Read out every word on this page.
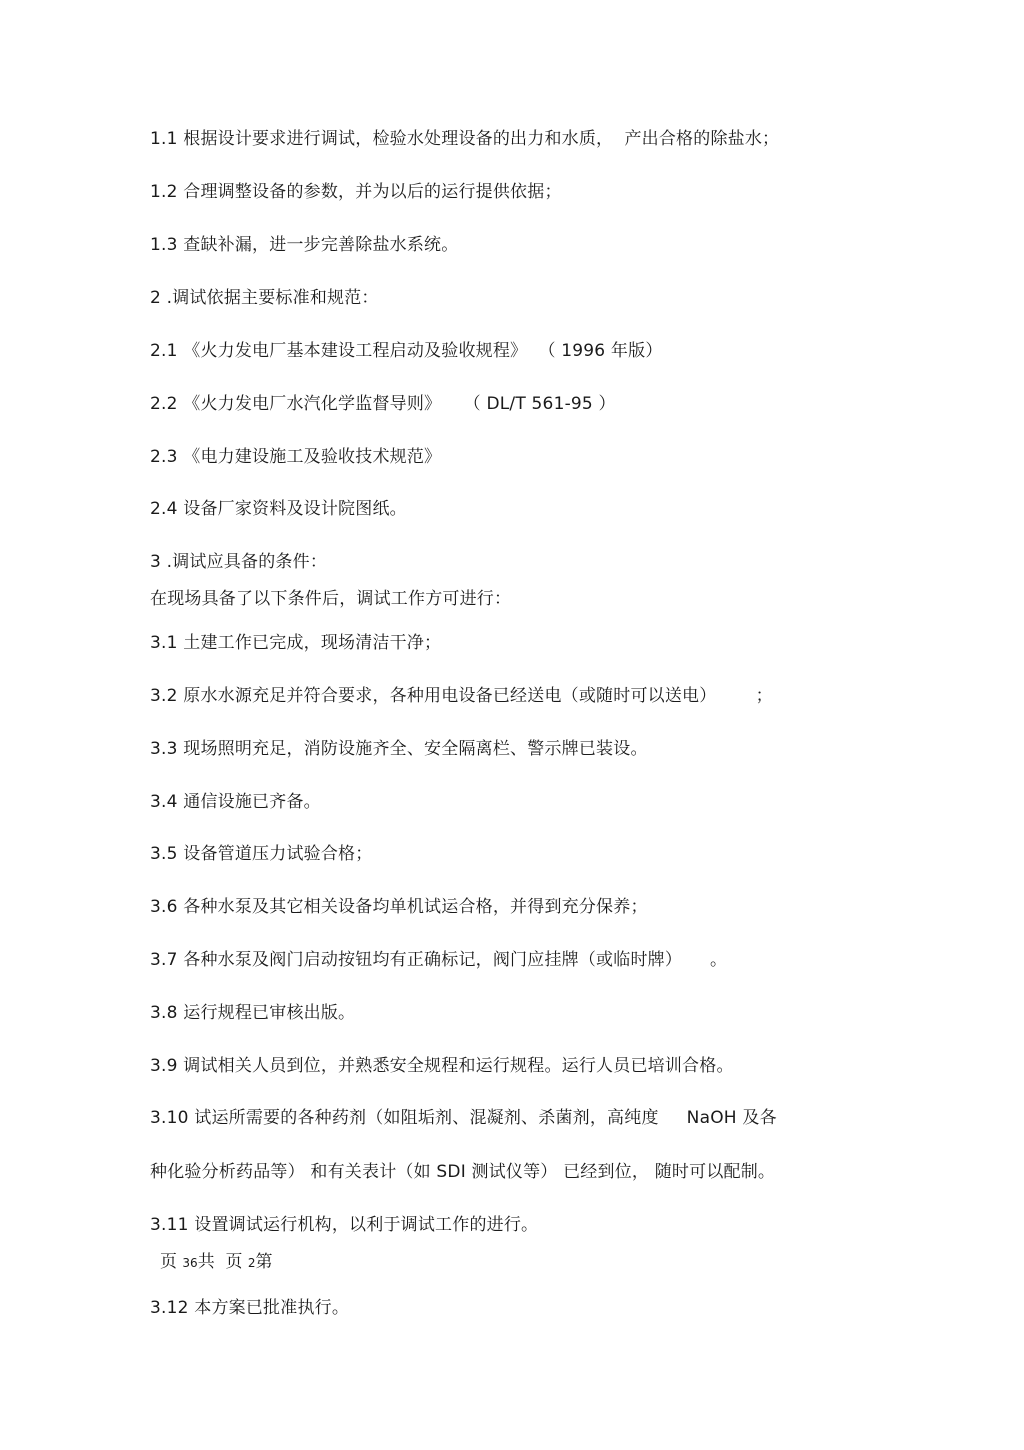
1.1 根据设计要求进行调试，检验水处理设备的出力和水质，  产出合格的除盐水；
1.2 合理调整设备的参数，并为以后的运行提供依据；
1.3 查缺补漏，进一步完善除盐水系统。
2 .调试依据主要标准和规范：
2.1 《火力发电厂基本建设工程启动及验收规程》  （ 1996 年版）
2.2 《火力发电厂水汽化学监督导则》    （ DL/T 561-95 ）
2.3 《电力建设施工及验收技术规范》
2.4 设备厂家资料及设计院图纸。
3 .调试应具备的条件：
在现场具备了以下条件后，调试工作方可进行：
3.1 土建工作已完成，现场清洁干净；
3.2 原水水源充足并符合要求，各种用电设备已经送电（或随时可以送电）       ；
3.3 现场照明充足，消防设施齐全、安全隔离栏、警示牌已装设。
3.4 通信设施已齐备。
3.5 设备管道压力试验合格；
3.6 各种水泵及其它相关设备均单机试运合格，并得到充分保养；
3.7 各种水泵及阀门启动按钮均有正确标记，阀门应挂牌（或临时牌）     。
3.8 运行规程已审核出版。
3.9 调试相关人员到位，并熟悉安全规程和运行规程。运行人员已培训合格。
3.10 试运所需要的各种药剂（如阻垢剂、混凝剂、杀菌剂，高纯度     NaOH 及各
种化验分析药品等） 和有关表计（如 SDI 测试仪等） 已经到位， 随时可以配制。
3.11 设置调试运行机构，以利于调试工作的进行。
页 36共  页 2第
3.12 本方案已批准执行。
